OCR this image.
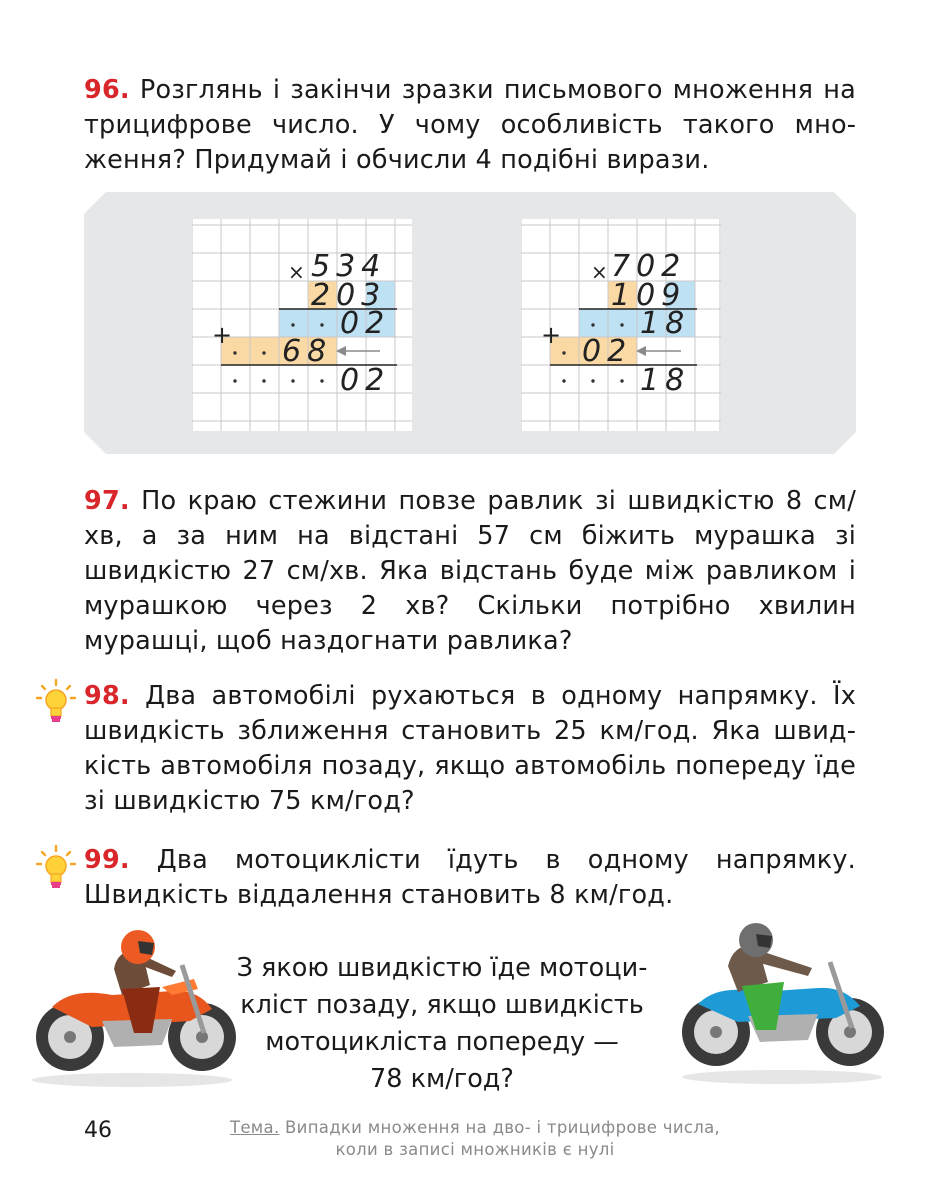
96. Розглянь і закінчи зразки письмового множення на трицифрове число. У чому особливість такого множення? Придумай і обчисли 4 подібні вирази.
×
+
534
203
02
68
02
×
+
702
109
18
02
18
97. По краю стежини повзе равлик зі швидкістю 8 см/хв, а за ним на відстані 57 см біжить мурашка зі швидкістю 27 см/хв. Яка відстань буде між равликом і мурашкою через 2 хв? Скільки потрібно хвилин мурашці, щоб наздогнати равлика?
98. Два автомобілі рухаються в одному напрямку. Їх швидкість зближення становить 25 км/год. Яка швидкість автомобіля позаду, якщо автомобіль попереду їде зі швидкістю 75 км/год?
99. Два мотоциклісти їдуть в одному напрямку. Швидкість віддалення становить 8 км/год.
З якою швидкістю їде мотоци-
кліст позаду, якщо швидкість
мотоцикліста попереду —
78 км/год?
46	Тема. Випадки множення на дво- і трицифрове числа,
коли в записі множників є нулі
